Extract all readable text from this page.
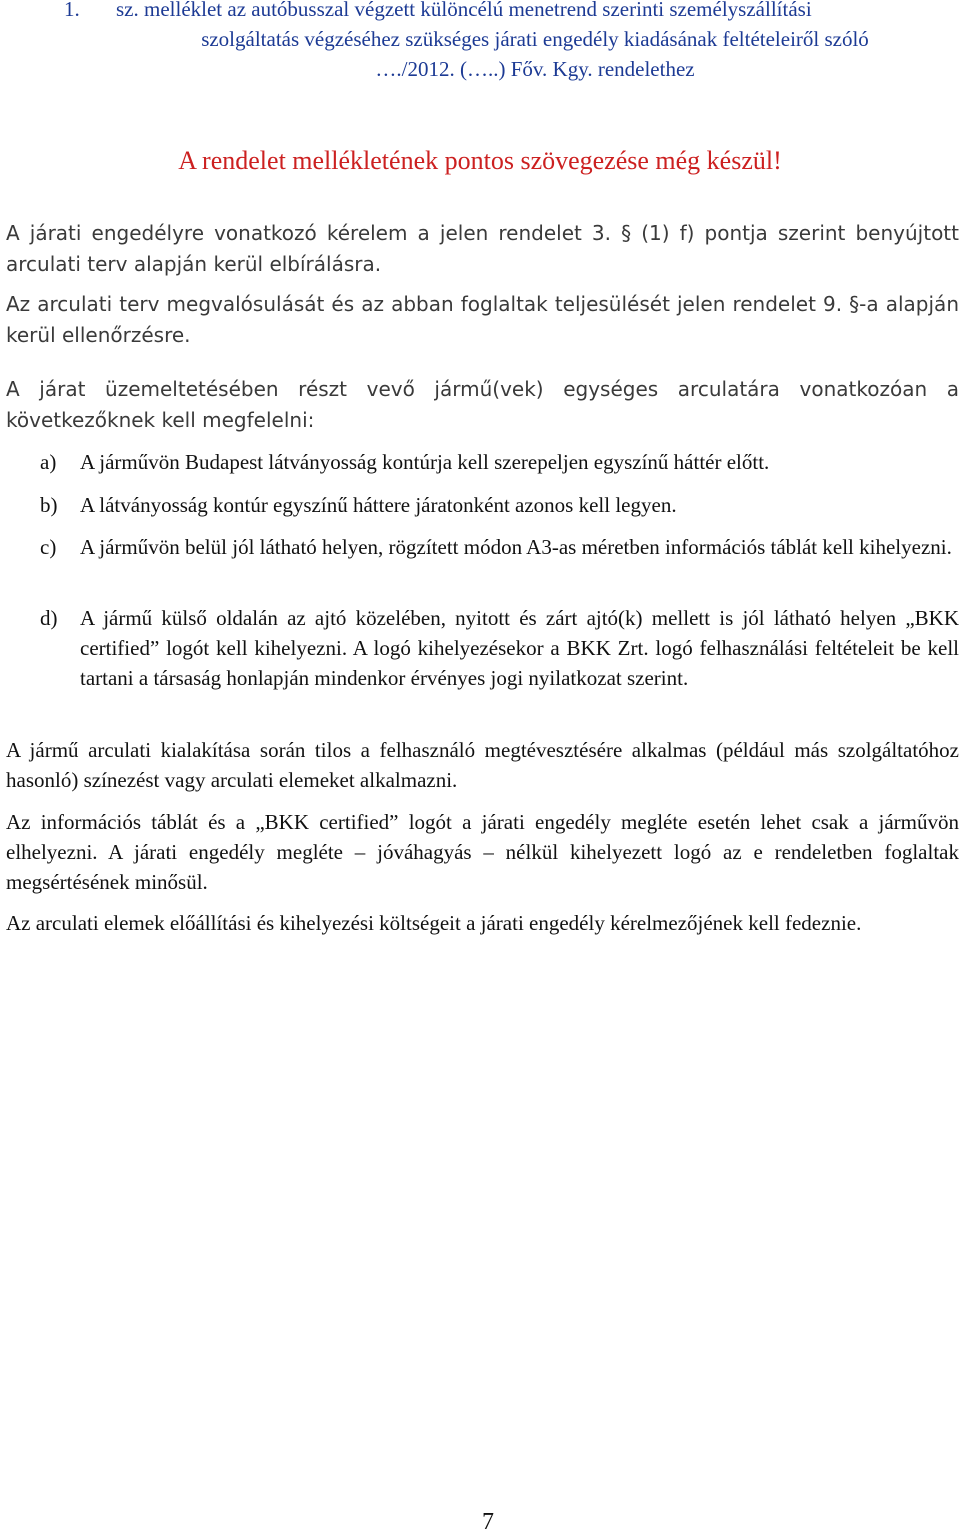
1. sz. melléklet az autóbusszal végzett különcélú menetrend szerinti személyszállítási
szolgáltatás végzéséhez szükséges járati engedély kiadásának feltételeiről szóló
…./2012. (…..) Főv. Kgy. rendelethez

A rendelet mellékletének pontos szövegezése még készül!

A járati engedélyre vonatkozó kérelem a jelen rendelet 3. § (1) f) pontja szerint benyújtott arculati terv alapján kerül elbírálásra.

Az arculati terv megvalósulását és az abban foglaltak teljesülését jelen rendelet 9. §-a alapján kerül ellenőrzésre.

A járat üzemeltetésében részt vevő jármű(vek) egységes arculatára vonatkozóan a következőknek kell megfelelni:

a)	A járművön Budapest látványosság kontúrja kell szerepeljen egyszínű háttér előtt.
b)	A látványosság kontúr egyszínű háttere járatonként azonos kell legyen.
c)	A járművön belül jól látható helyen, rögzített módon A3-as méretben információs táblát kell kihelyezni.
d)	A jármű külső oldalán az ajtó közelében, nyitott és zárt ajtó(k) mellett is jól látható helyen „BKK certified” logót kell kihelyezni. A logó kihelyezésekor a BKK Zrt. logó felhasználási feltételeit be kell tartani a társaság honlapján mindenkor érvényes jogi nyilatkozat szerint.

A jármű arculati kialakítása során tilos a felhasználó megtévesztésére alkalmas (például más szolgáltatóhoz hasonló) színezést vagy arculati elemeket alkalmazni.

Az információs táblát és a „BKK certified” logót a járati engedély megléte esetén lehet csak a járművön elhelyezni. A járati engedély megléte – jóváhagyás – nélkül kihelyezett logó az e rendeletben foglaltak megsértésének minősül.

Az arculati elemek előállítási és kihelyezési költségeit a járati engedély kérelmezőjének kell fedeznie.

7
